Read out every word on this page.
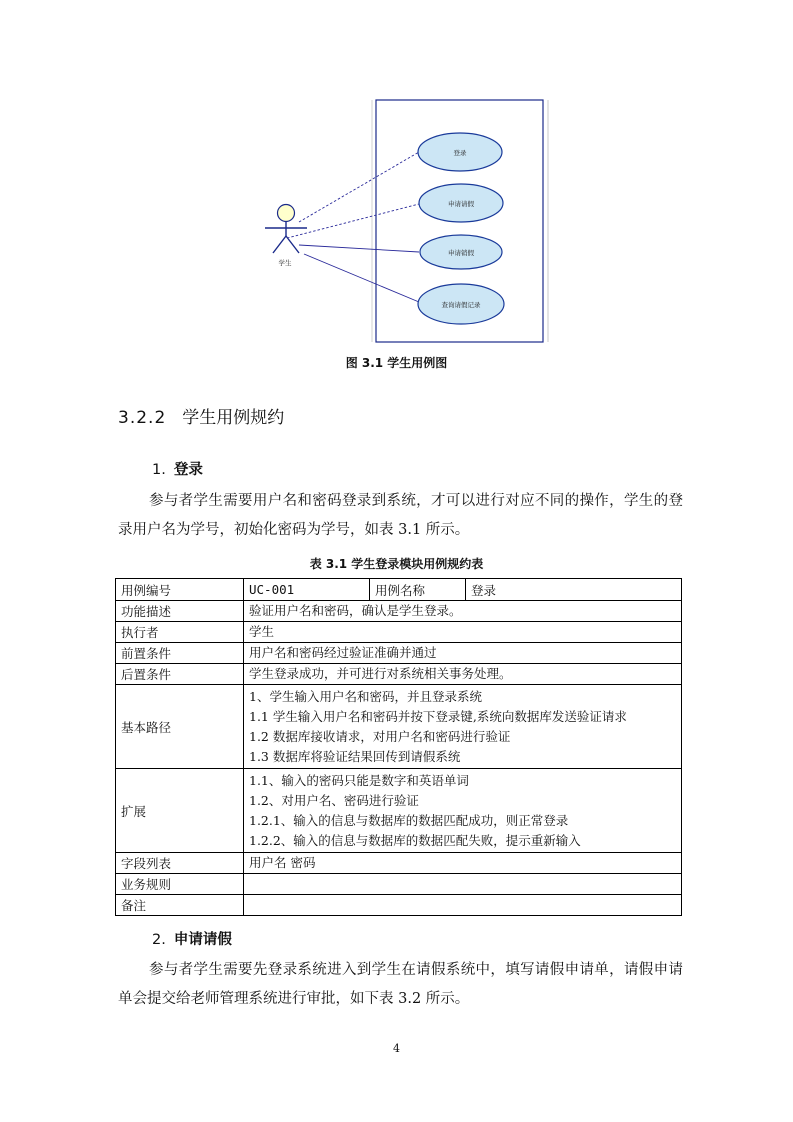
学生
登录
申请请假
申请销假
查询请假记录
图 3.1 学生用例图
3.2.2 学生用例规约
1. 登录
参与者学生需要用户名和密码登录到系统，才可以进行对应不同的操作，学生的登录用户名为学号，初始化密码为学号，如表 3.1 所示。
表 3.1 学生登录模块用例规约表
用例编号	UC-001	用例名称	登录
功能描述	验证用户名和密码，确认是学生登录。		

执行者	学生		

前置条件	用户名和密码经过验证准确并通过		

后置条件	学生登录成功，并可进行对系统相关事务处理。		

基本路径	1、学生输入用户名和密码，并且登录系统
1.1 学生输入用户名和密码并按下登录键,系统向数据库发送验证请求
1.2 数据库接收请求，对用户名和密码进行验证
1.3 数据库将验证结果回传到请假系统		

扩展	1.1、输入的密码只能是数字和英语单词
1.2、对用户名、密码进行验证
1.2.1、输入的信息与数据库的数据匹配成功，则正常登录
1.2.2、输入的信息与数据库的数据匹配失败，提示重新输入		

字段列表	用户名 密码		

业务规则			

备注			
2. 申请请假
参与者学生需要先登录系统进入到学生在请假系统中，填写请假申请单，请假申请单会提交给老师管理系统进行审批，如下表 3.2 所示。
4
